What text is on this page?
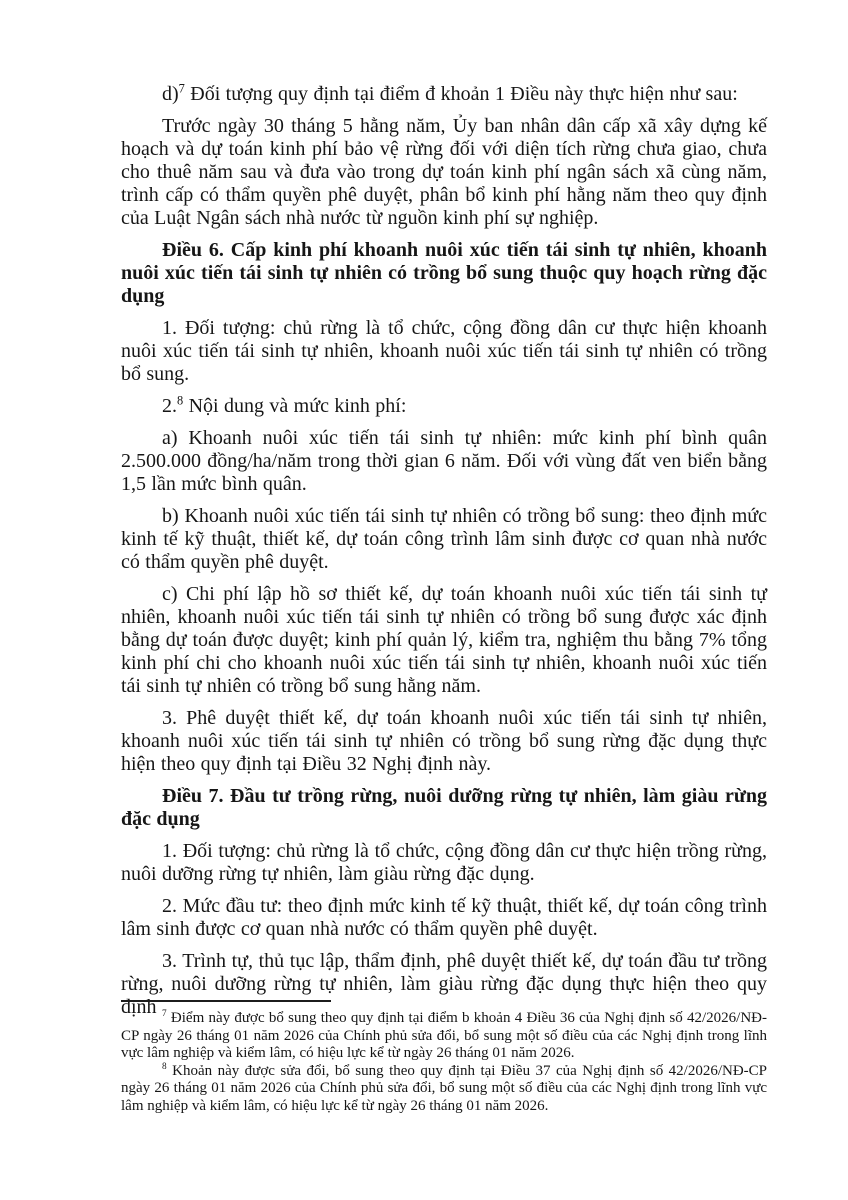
d)$^7$ Đối tượng quy định tại điểm đ khoản 1 Điều này thực hiện như sau:

Trước ngày 30 tháng 5 hằng năm, Ủy ban nhân dân cấp xã xây dựng kế hoạch và dự toán kinh phí bảo vệ rừng đối với diện tích rừng chưa giao, chưa cho thuê năm sau và đưa vào trong dự toán kinh phí ngân sách xã cùng năm, trình cấp có thẩm quyền phê duyệt, phân bổ kinh phí hằng năm theo quy định của Luật Ngân sách nhà nước từ nguồn kinh phí sự nghiệp.

Điều 6. Cấp kinh phí khoanh nuôi xúc tiến tái sinh tự nhiên, khoanh nuôi xúc tiến tái sinh tự nhiên có trồng bổ sung thuộc quy hoạch rừng đặc dụng

1. Đối tượng: chủ rừng là tổ chức, cộng đồng dân cư thực hiện khoanh nuôi xúc tiến tái sinh tự nhiên, khoanh nuôi xúc tiến tái sinh tự nhiên có trồng bổ sung.

2.$^8$ Nội dung và mức kinh phí:

a) Khoanh nuôi xúc tiến tái sinh tự nhiên: mức kinh phí bình quân 2.500.000 đồng/ha/năm trong thời gian 6 năm. Đối với vùng đất ven biển bằng 1,5 lần mức bình quân.

b) Khoanh nuôi xúc tiến tái sinh tự nhiên có trồng bổ sung: theo định mức kinh tế kỹ thuật, thiết kế, dự toán công trình lâm sinh được cơ quan nhà nước có thẩm quyền phê duyệt.

c) Chi phí lập hồ sơ thiết kế, dự toán khoanh nuôi xúc tiến tái sinh tự nhiên, khoanh nuôi xúc tiến tái sinh tự nhiên có trồng bổ sung được xác định bằng dự toán được duyệt; kinh phí quản lý, kiểm tra, nghiệm thu bằng 7% tổng kinh phí chi cho khoanh nuôi xúc tiến tái sinh tự nhiên, khoanh nuôi xúc tiến tái sinh tự nhiên có trồng bổ sung hằng năm.

3. Phê duyệt thiết kế, dự toán khoanh nuôi xúc tiến tái sinh tự nhiên, khoanh nuôi xúc tiến tái sinh tự nhiên có trồng bổ sung rừng đặc dụng thực hiện theo quy định tại Điều 32 Nghị định này.

Điều 7. Đầu tư trồng rừng, nuôi dưỡng rừng tự nhiên, làm giàu rừng đặc dụng

1. Đối tượng: chủ rừng là tổ chức, cộng đồng dân cư thực hiện trồng rừng, nuôi dưỡng rừng tự nhiên, làm giàu rừng đặc dụng.

2. Mức đầu tư: theo định mức kinh tế kỹ thuật, thiết kế, dự toán công trình lâm sinh được cơ quan nhà nước có thẩm quyền phê duyệt.

3. Trình tự, thủ tục lập, thẩm định, phê duyệt thiết kế, dự toán đầu tư trồng rừng, nuôi dưỡng rừng tự nhiên, làm giàu rừng đặc dụng thực hiện theo quy định $^7$ Điểm này được bổ sung theo quy định tại điểm b khoản 4 Điều 36 của Nghị định số 42/2026/NĐ-CP ngày 26 tháng 01 năm 2026 của Chính phủ sửa đổi, bổ sung một số điều của các Nghị định trong lĩnh vực lâm nghiệp và kiểm lâm, có hiệu lực kể từ ngày 26 tháng 01 năm 2026.

$^8$ Khoản này được sửa đổi, bổ sung theo quy định tại Điều 37 của Nghị định số 42/2026/NĐ-CP ngày 26 tháng 01 năm 2026 của Chính phủ sửa đổi, bổ sung một số điều của các Nghị định trong lĩnh vực lâm nghiệp và kiểm lâm, có hiệu lực kể từ ngày 26 tháng 01 năm 2026.
